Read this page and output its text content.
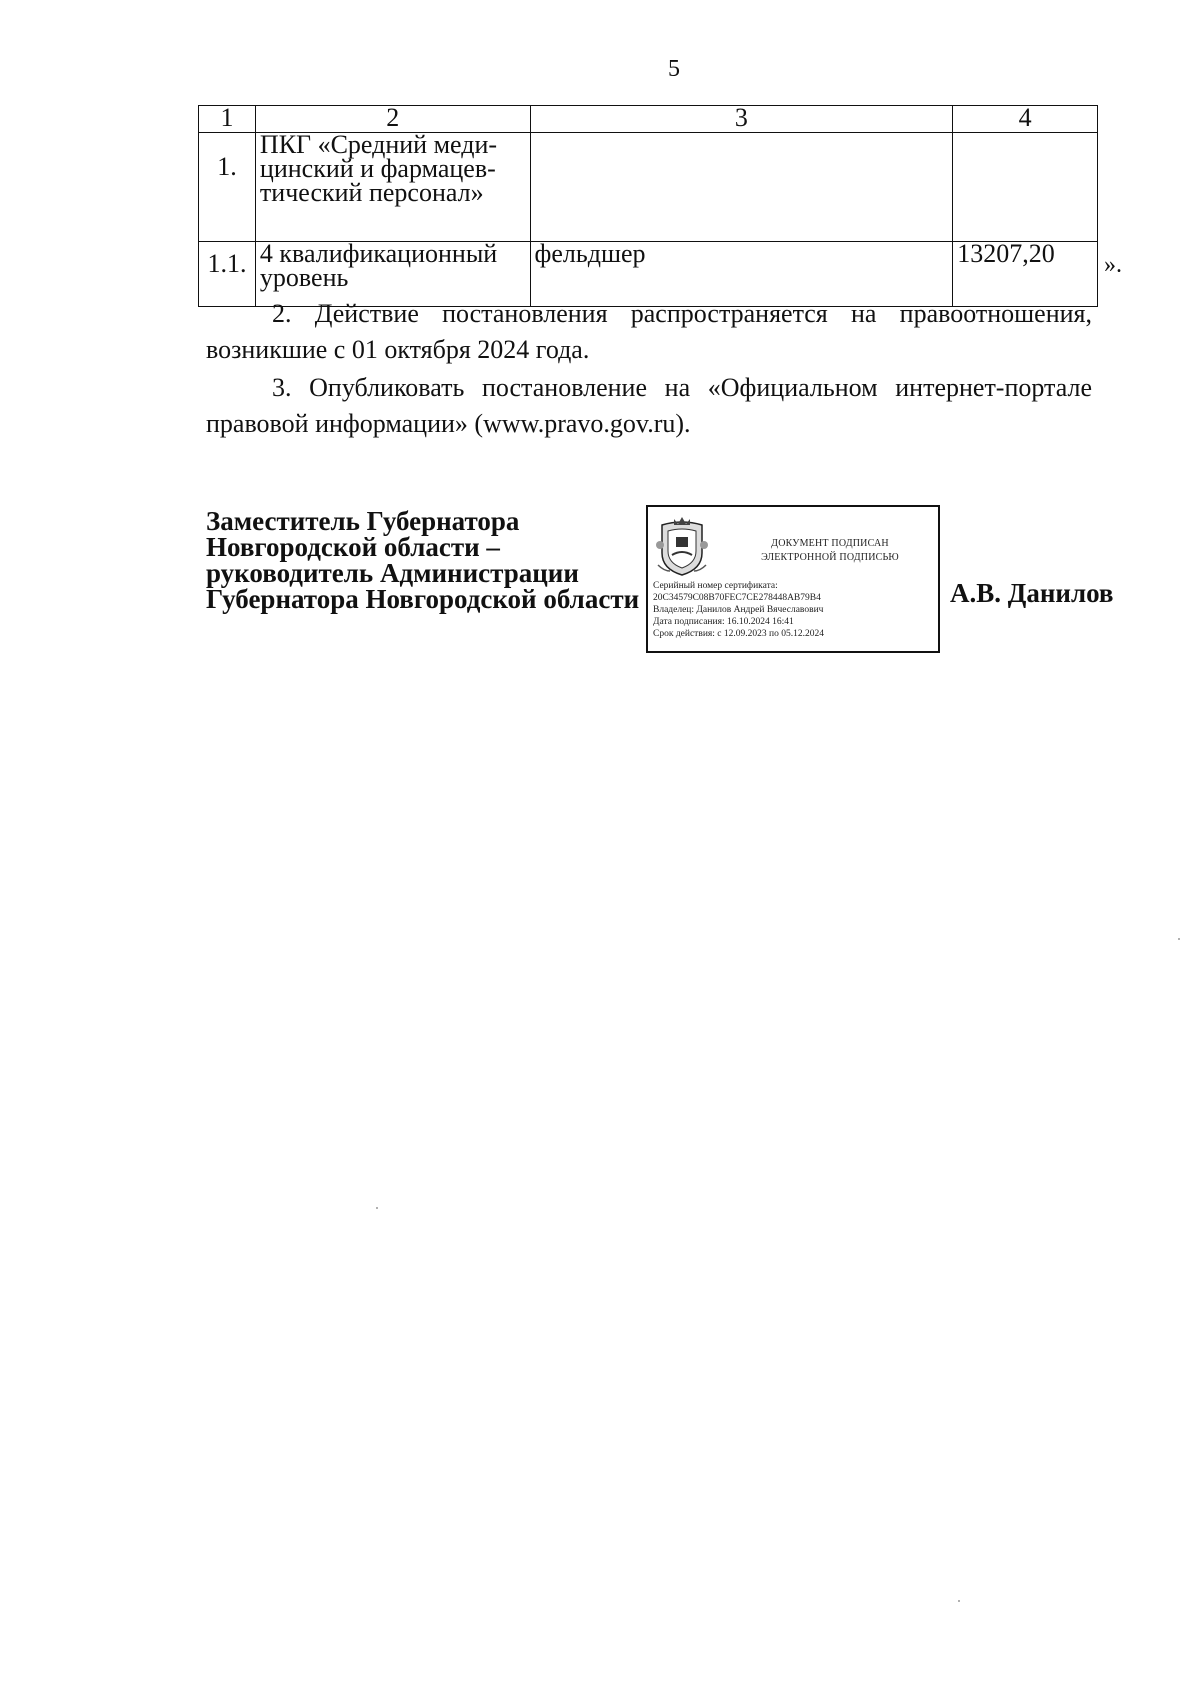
5
1	2	3	4
1.	ПКГ «Средний меди-
цинский и фармацев-
тический персонал»		

1.1.	4 квалификационный
уровень	фельдшер	13207,20 ».
2. Действие постановления распространяется на правоотношения, возникшие с 01 октября 2024 года.
3. Опубликовать постановление на «Официальном интернет-портале правовой информации» (www.pravo.gov.ru).
Заместитель Губернатора
Новгородской области –
руководитель Администрации
Губернатора Новгородской области
ДОКУМЕНТ ПОДПИСАН
ЭЛЕКТРОННОЙ ПОДПИСЬЮ
Серийный номер сертификата:
20C34579C08B70FEC7CE278448AB79B4
Владелец: Данилов Андрей Вячеславович
Дата подписания: 16.10.2024 16:41
Срок действия: с 12.09.2023 по 05.12.2024
А.В. Данилов
